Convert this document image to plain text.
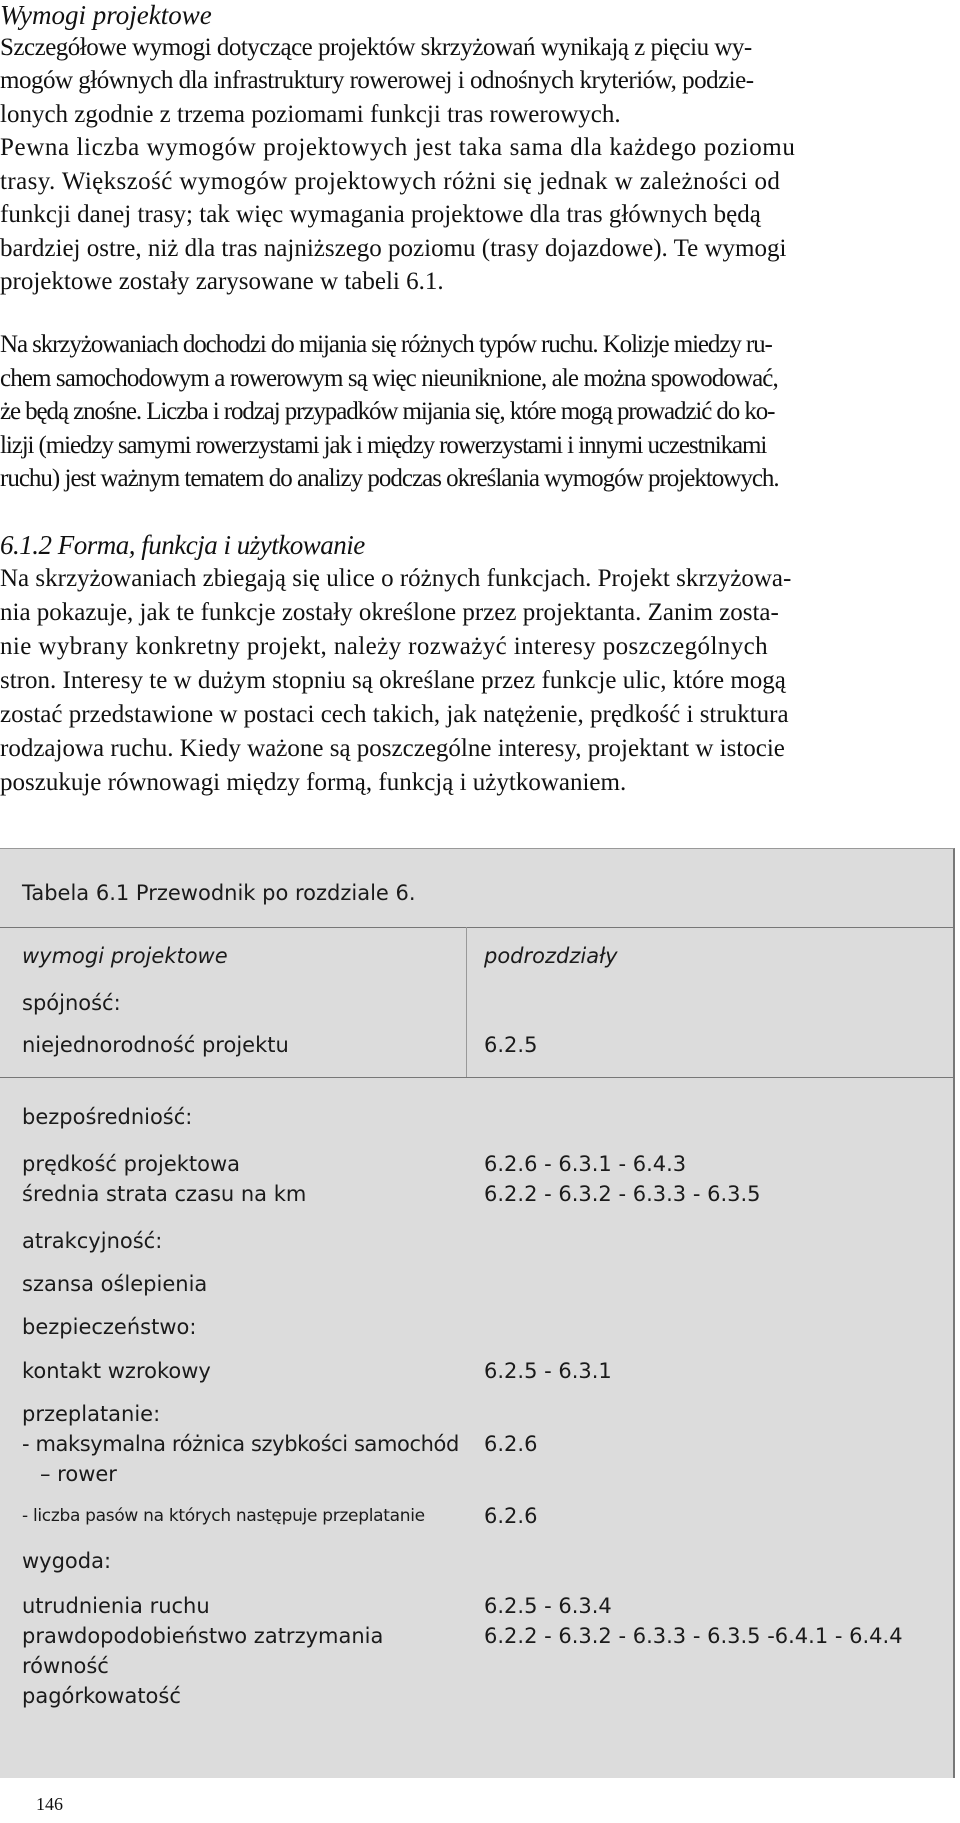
Wymogi projektowe
Szczegółowe wymogi dotyczące projektów skrzyżowań wynikają z pięciu wy-
mogów głównych dla infrastruktury rowerowej i odnośnych kryteriów, podzie-
lonych zgodnie z trzema poziomami funkcji tras rowerowych.
Pewna liczba wymogów projektowych jest taka sama dla każdego poziomu
trasy. Większość wymogów projektowych różni się jednak w zależności od
funkcji danej trasy; tak więc wymagania projektowe dla tras głównych będą
bardziej ostre, niż dla tras najniższego poziomu (trasy dojazdowe). Te wymogi
projektowe zostały zarysowane w tabeli 6.1.
Na skrzyżowaniach dochodzi do mijania się różnych typów ruchu. Kolizje miedzy ru-
chem samochodowym a rowerowym są więc nieuniknione, ale można spowodować,
że będą znośne. Liczba i rodzaj przypadków mijania się, które mogą prowadzić do ko-
lizji (miedzy samymi rowerzystami jak i między rowerzystami i innymi uczestnikami
ruchu) jest ważnym tematem do analizy podczas określania wymogów projektowych.
6.1.2 Forma, funkcja i użytkowanie
Na skrzyżowaniach zbiegają się ulice o różnych funkcjach. Projekt skrzyżowa-
nia pokazuje, jak te funkcje zostały określone przez projektanta. Zanim zosta-
nie wybrany konkretny projekt, należy rozważyć interesy poszczególnych
stron. Interesy te w dużym stopniu są określane przez funkcje ulic, które mogą
zostać przedstawione w postaci cech takich, jak natężenie, prędkość i struktura
rodzajowa ruchu. Kiedy ważone są poszczególne interesy, projektant w istocie
poszukuje równowagi między formą, funkcją i użytkowaniem.
Tabela 6.1 Przewodnik po rozdziale 6.
wymogi projektowe	podrozdziały
spójność:
niejednorodność projektu	6.2.5
bezpośredniość:
prędkość projektowa	6.2.6 - 6.3.1 - 6.4.3
średnia strata czasu na km	6.2.2 - 6.3.2 - 6.3.3 - 6.3.5
atrakcyjność:
szansa oślepienia
bezpieczeństwo:
kontakt wzrokowy	6.2.5 - 6.3.1
przeplatanie:
- maksymalna różnica szybkości samochód 6.2.6
– rower
- liczba pasów na których następuje przeplatanie	6.2.6
wygoda:
utrudnienia ruchu	6.2.5 - 6.3.4
prawdopodobieństwo zatrzymania	6.2.2 - 6.3.2 - 6.3.3 - 6.3.5 -6.4.1 - 6.4.4
równość
pagórkowatość
146
